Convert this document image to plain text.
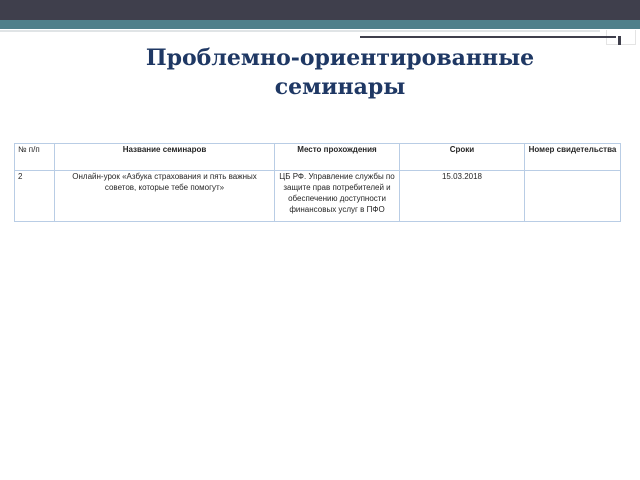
Проблемно-ориентированные
семинары
№ п/п	Название семинаров	Место прохождения	Сроки	Номер свидетельства

2	Онлайн-урок «Азбука страхования и пять важных советов, которые тебе помогут»	ЦБ РФ. Управление службы по защите прав потребителей и обеспечению доступности финансовых услуг в ПФО	15.03.2018	
